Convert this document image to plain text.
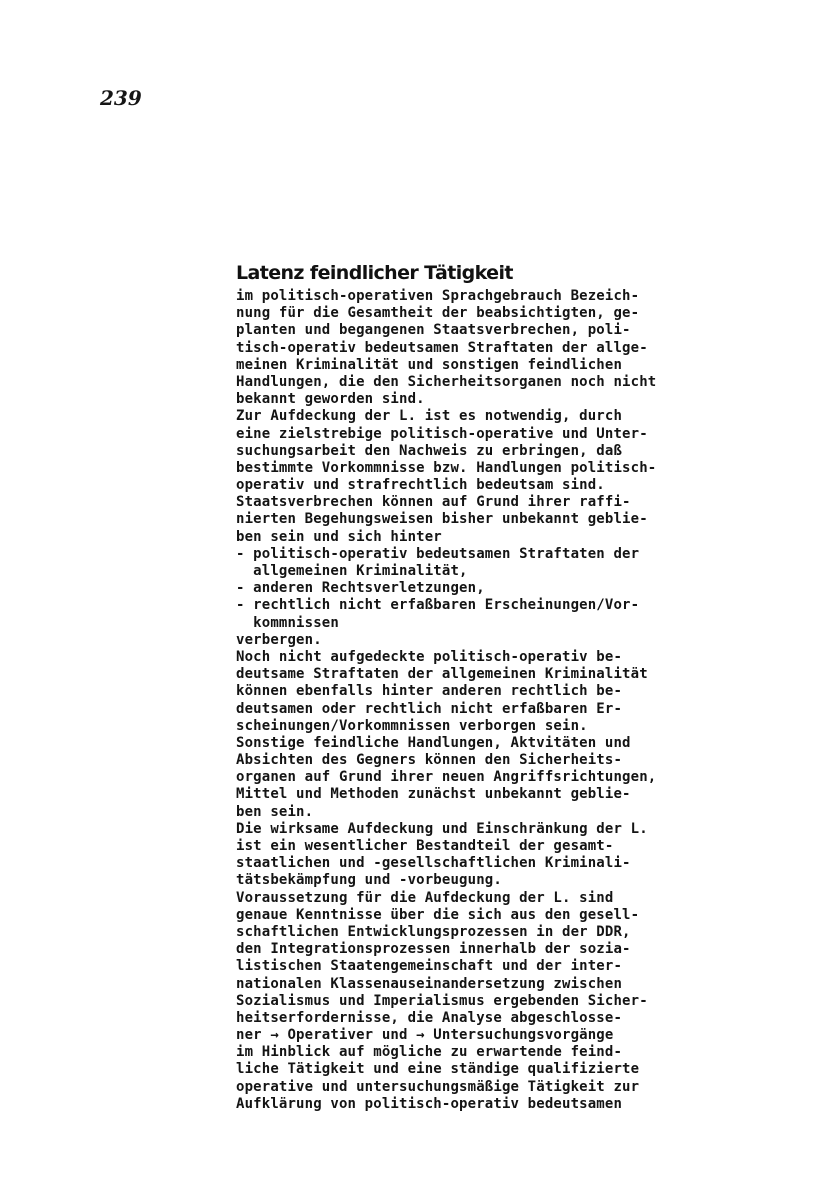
239
Latenz feindlicher Tätigkeit
im politisch-operativen Sprachgebrauch Bezeich-
nung für die Gesamtheit der beabsichtigten, ge-
planten und begangenen Staatsverbrechen, poli-
tisch-operativ bedeutsamen Straftaten der allge-
meinen Kriminalität und sonstigen feindlichen
Handlungen, die den Sicherheitsorganen noch nicht
bekannt geworden sind.
Zur Aufdeckung der L. ist es notwendig, durch
eine zielstrebige politisch-operative und Unter-
suchungsarbeit den Nachweis zu erbringen, daß
bestimmte Vorkommnisse bzw. Handlungen politisch-
operativ und strafrechtlich bedeutsam sind.
Staatsverbrechen können auf Grund ihrer raffi-
nierten Begehungsweisen bisher unbekannt geblie-
ben sein und sich hinter
- politisch-operativ bedeutsamen Straftaten der
allgemeinen Kriminalität,
- anderen Rechtsverletzungen,
- rechtlich nicht erfaßbaren Erscheinungen/Vor-
kommnissen
verbergen.
Noch nicht aufgedeckte politisch-operativ be-
deutsame Straftaten der allgemeinen Kriminalität
können ebenfalls hinter anderen rechtlich be-
deutsamen oder rechtlich nicht erfaßbaren Er-
scheinungen/Vorkommnissen verborgen sein.
Sonstige feindliche Handlungen, Aktvitäten und
Absichten des Gegners können den Sicherheits-
organen auf Grund ihrer neuen Angriffsrichtungen,
Mittel und Methoden zunächst unbekannt geblie-
ben sein.
Die wirksame Aufdeckung und Einschränkung der L.
ist ein wesentlicher Bestandteil der gesamt-
staatlichen und -gesellschaftlichen Kriminali-
tätsbekämpfung und -vorbeugung.
Voraussetzung für die Aufdeckung der L. sind
genaue Kenntnisse über die sich aus den gesell-
schaftlichen Entwicklungsprozessen in der DDR,
den Integrationsprozessen innerhalb der sozia-
listischen Staatengemeinschaft und der inter-
nationalen Klassenauseinandersetzung zwischen
Sozialismus und Imperialismus ergebenden Sicher-
heitserfordernisse, die Analyse abgeschlosse-
ner → Operativer und → Untersuchungsvorgänge
im Hinblick auf mögliche zu erwartende feind-
liche Tätigkeit und eine ständige qualifizierte
operative und untersuchungsmäßige Tätigkeit zur
Aufklärung von politisch-operativ bedeutsamen
